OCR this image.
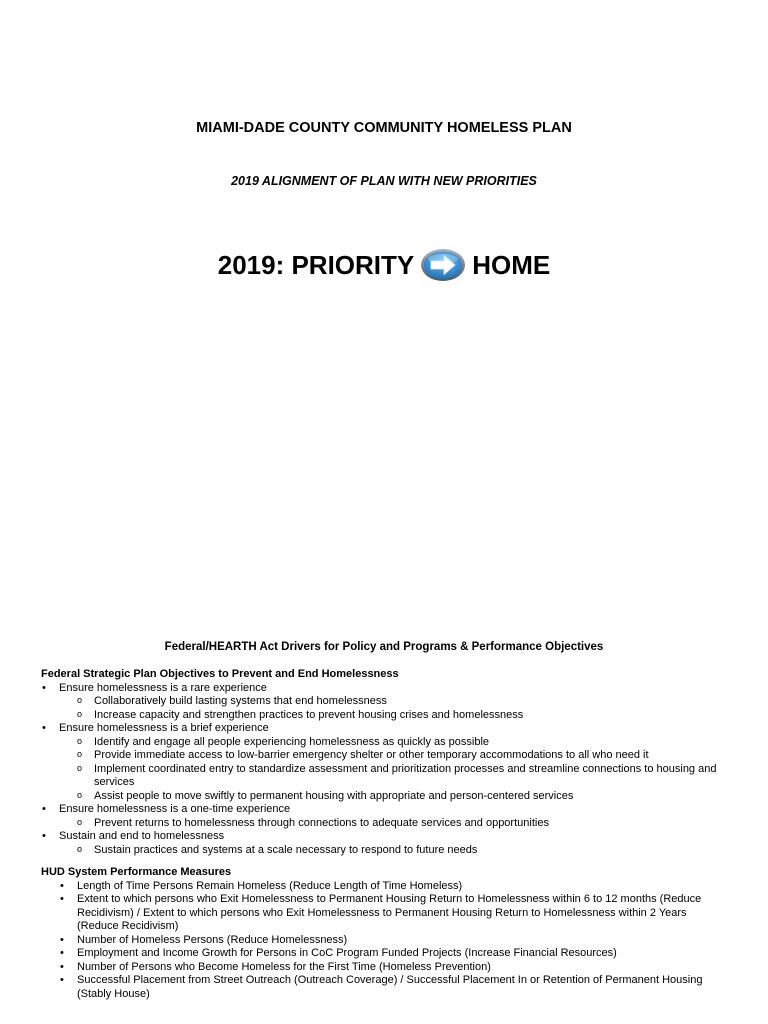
MIAMI-DADE COUNTY COMMUNITY HOMELESS PLAN
2019 ALIGNMENT OF PLAN WITH NEW PRIORITIES
2019: PRIORITY HOME
Federal/HEARTH Act Drivers for Policy and Programs & Performance Objectives
Federal Strategic Plan Objectives to Prevent and End Homelessness
• Ensure homelessness is a rare experience
o Collaboratively build lasting systems that end homelessness
o Increase capacity and strengthen practices to prevent housing crises and homelessness
• Ensure homelessness is a brief experience
o Identify and engage all people experiencing homelessness as quickly as possible
o Provide immediate access to low-barrier emergency shelter or other temporary accommodations to all who need it
o Implement coordinated entry to standardize assessment and prioritization processes and streamline connections to housing and services
o Assist people to move swiftly to permanent housing with appropriate and person-centered services
• Ensure homelessness is a one-time experience
o Prevent returns to homelessness through connections to adequate services and opportunities
• Sustain and end to homelessness
o Sustain practices and systems at a scale necessary to respond to future needs
HUD System Performance Measures
• Length of Time Persons Remain Homeless (Reduce Length of Time Homeless)
• Extent to which persons who Exit Homelessness to Permanent Housing Return to Homelessness within 6 to 12 months (Reduce Recidivism) / Extent to which persons who Exit Homelessness to Permanent Housing Return to Homelessness within 2 Years (Reduce Recidivism)
• Number of Homeless Persons (Reduce Homelessness)
• Employment and Income Growth for Persons in CoC Program Funded Projects (Increase Financial Resources)
• Number of Persons who Become Homeless for the First Time (Homeless Prevention)
• Successful Placement from Street Outreach (Outreach Coverage) / Successful Placement In or Retention of Permanent Housing (Stably House)
